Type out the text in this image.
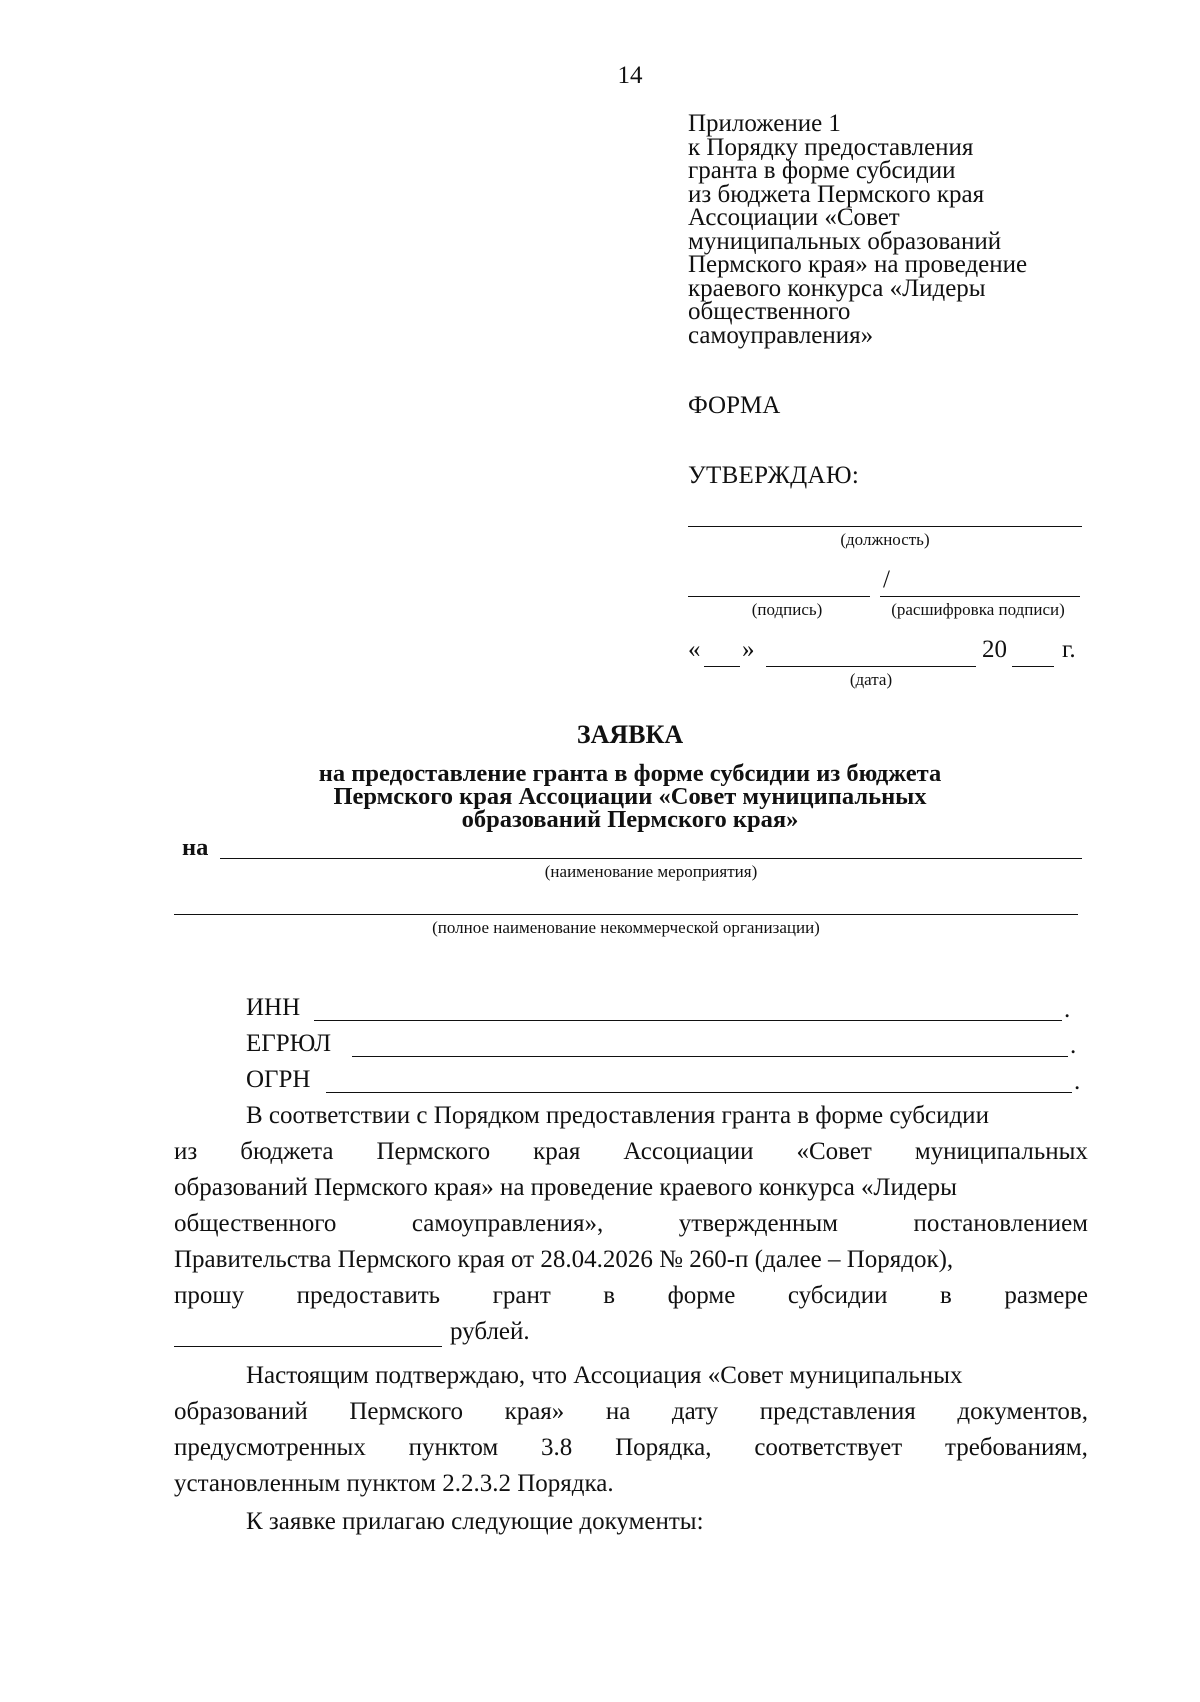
14
Приложение 1
к Порядку предоставления
гранта в форме субсидии
из бюджета Пермского края
Ассоциации «Совет
муниципальных образований
Пермского края» на проведение
краевого конкурса «Лидеры
общественного
самоуправления»
ФОРМА
УТВЕРЖДАЮ:
(должность)
/
(подпись)	(расшифровка подписи)
« »	20 г.
(дата)
ЗАЯВКА
на предоставление гранта в форме субсидии из бюджета
Пермского края Ассоциации «Совет муниципальных
образований Пермского края»
на
(наименование мероприятия)
(полное наименование некоммерческой организации)
ИНН	.
ЕГРЮЛ	.
ОГРН	.
В соответствии с Порядком предоставления гранта в форме субсидии
из бюджета Пермского края Ассоциации «Совет муниципальных
образований Пермского края» на проведение краевого конкурса «Лидеры
общественного	самоуправления»,	утвержденным	постановлением
Правительства Пермского края от 28.04.2026 № 260-п (далее – Порядок),
прошу предоставить грант в форме субсидии в размере
рублей.
Настоящим подтверждаю, что Ассоциация «Совет муниципальных
образований Пермского края» на дату представления документов,
предусмотренных пунктом 3.8 Порядка, соответствует требованиям,
установленным пунктом 2.2.3.2 Порядка.
К заявке прилагаю следующие документы:
